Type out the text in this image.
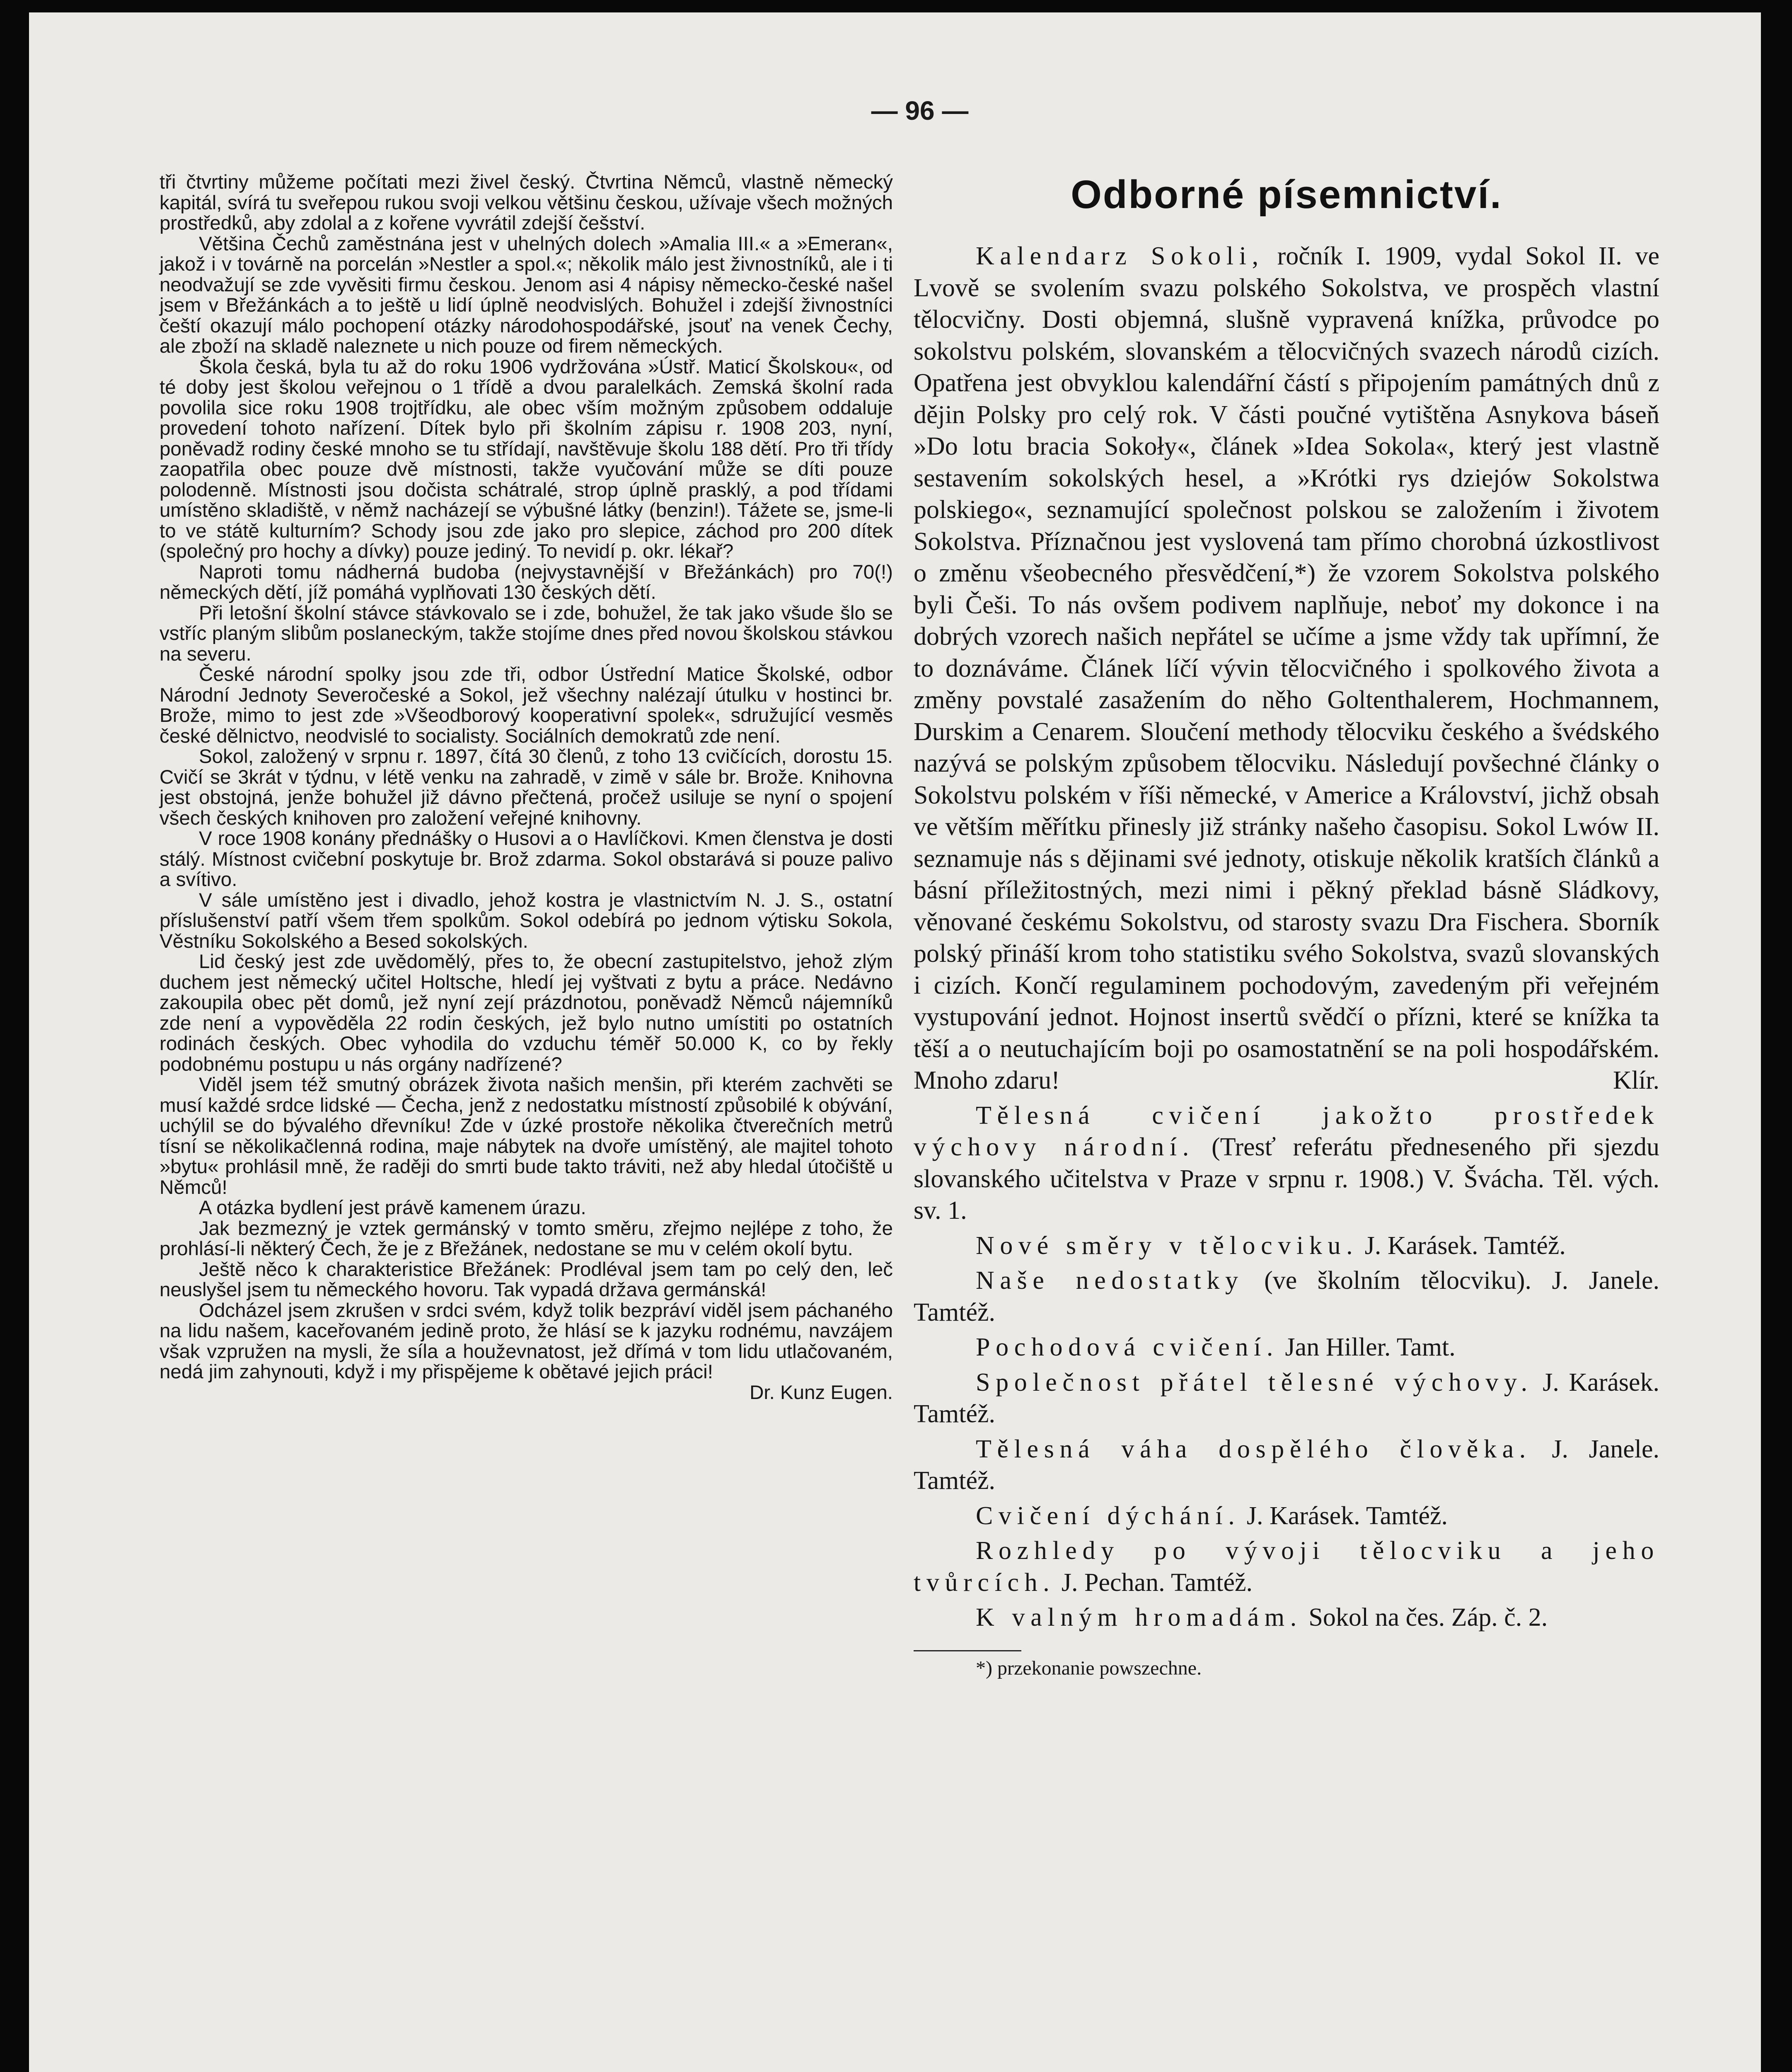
— 96 —

tři čtvrtiny můžeme počítati mezi živel český. Čtvrtina Němců, vlastně německý kapitál, svírá tu sveřepou rukou svoji velkou většinu českou, užívaje všech možných prostředků, aby zdolal a z kořene vyvrátil zdejší češství.

Většina Čechů zaměstnána jest v uhelných dolech »Amalia III.« a »Emeran«, jakož i v továrně na porcelán »Nestler a spol.«; několik málo jest živnostníků, ale i ti neodvažují se zde vyvěsiti firmu českou. Jenom asi 4 nápisy německo-české našel jsem v Břežánkách a to ještě u lidí úplně neodvislých. Bohužel i zdejší živnostníci čeští okazují málo pochopení otázky národohospodářské, jsouť na venek Čechy, ale zboží na skladě naleznete u nich pouze od firem německých.

Škola česká, byla tu až do roku 1906 vydržována »Ústř. Maticí Školskou«, od té doby jest školou veřejnou o 1 třídě a dvou paralelkách. Zemská školní rada povolila sice roku 1908 trojtřídku, ale obec vším možným způsobem oddaluje provedení tohoto nařízení. Dítek bylo při školním zápisu r. 1908 203, nyní, poněvadž rodiny české mnoho se tu střídají, navštěvuje školu 188 dětí. Pro tři třídy zaopatřila obec pouze dvě místnosti, takže vyučování může se díti pouze polodenně. Místnosti jsou dočista schátralé, strop úplně prasklý, a pod třídami umístěno skladiště, v němž nacházejí se výbušné látky (benzin!). Tážete se, jsme-li to ve státě kulturním? Schody jsou zde jako pro slepice, záchod pro 200 dítek (společný pro hochy a dívky) pouze jediný. To nevidí p. okr. lékař?

Naproti tomu nádherná budoba (nejvystavnější v Břežánkách) pro 70(!) německých dětí, jíž pomáhá vyplňovati 130 českých dětí.

Při letošní školní stávce stávkovalo se i zde, bohužel, že tak jako všude šlo se vstříc planým slibům poslaneckým, takže stojíme dnes před novou školskou stávkou na severu.

České národní spolky jsou zde tři, odbor Ústřední Matice Školské, odbor Národní Jednoty Severočeské a Sokol, jež všechny nalézají útulku v hostinci br. Brože, mimo to jest zde »Všeodborový kooperativní spolek«, sdružující vesměs české dělnictvo, neodvislé to socialisty. Sociálních demokratů zde není.

Sokol, založený v srpnu r. 1897, čítá 30 členů, z toho 13 cvičících, dorostu 15. Cvičí se 3krát v týdnu, v létě venku na zahradě, v zimě v sále br. Brože. Knihovna jest obstojná, jenže bohužel již dávno přečtená, pročež usiluje se nyní o spojení všech českých knihoven pro založení veřejné knihovny.

V roce 1908 konány přednášky o Husovi a o Havlíčkovi. Kmen členstva je dosti stálý. Místnost cvičební poskytuje br. Brož zdarma. Sokol obstarává si pouze palivo a svítivo.

V sále umístěno jest i divadlo, jehož kostra je vlastnictvím N. J. S., ostatní příslušenství patří všem třem spolkům. Sokol odebírá po jednom výtisku Sokola, Věstníku Sokolského a Besed sokolských.

Lid český jest zde uvědomělý, přes to, že obecní zastupitelstvo, jehož zlým duchem jest německý učitel Holtsche, hledí jej vyštvati z bytu a práce. Nedávno zakoupila obec pět domů, jež nyní zejí prázdnotou, poněvadž Němců nájemníků zde není a vypověděla 22 rodin českých, jež bylo nutno umístiti po ostatních rodinách českých. Obec vyhodila do vzduchu téměř 50.000 K, co by řekly podobnému postupu u nás orgány nadřízené?

Viděl jsem též smutný obrázek života našich menšin, při kterém zachvěti se musí každé srdce lidské — Čecha, jenž z nedostatku místností způsobilé k obývání, uchýlil se do bývalého dřevníku! Zde v úzké prostoře několika čtverečních metrů tísní se několikačlenná rodina, maje nábytek na dvoře umístěný, ale majitel tohoto »bytu« prohlásil mně, že raději do smrti bude takto tráviti, než aby hledal útočiště u Němců!

A otázka bydlení jest právě kamenem úrazu.

Jak bezmezný je vztek germánský v tomto směru, zřejmo nejlépe z toho, že prohlásí-li některý Čech, že je z Břežánek, nedostane se mu v celém okolí bytu.

Ještě něco k charakteristice Břežánek: Prodléval jsem tam po celý den, leč neuslyšel jsem tu německého hovoru. Tak vypadá država germánská!

Odcházel jsem zkrušen v srdci svém, když tolik bezpráví viděl jsem páchaného na lidu našem, kaceřovaném jedině proto, že hlásí se k jazyku rodnému, navzájem však vzpružen na mysli, že síla a houževnatost, jež dřímá v tom lidu utlačovaném, nedá jim zahynouti, když i my přispějeme k obětavé jejich práci!
Dr. Kunz Eugen.

Odborné písemnictví.

Kalendarz Sokoli, ročník I. 1909, vydal Sokol II. ve Lvově se svolením svazu polského Sokolstva, ve prospěch vlastní tělocvičny. Dosti objemná, slušně vypravená knížka, průvodce po sokolstvu polském, slovanském a tělocvičných svazech národů cizích. Opatřena jest obvyklou kalendářní částí s připojením památných dnů z dějin Polsky pro celý rok. V části poučné vytištěna Asnykova báseň »Do lotu bracia Sokoły«, článek »Idea Sokola«, který jest vlastně sestavením sokolských hesel, a »Krótki rys dziejów Sokolstwa polskiego«, seznamující společnost polskou se založením i životem Sokolstva. Příznačnou jest vyslovená tam přímo chorobná úzkostlivost o změnu všeobecného přesvědčení,*) že vzorem Sokolstva polského byli Češi. To nás ovšem podivem naplňuje, neboť my dokonce i na dobrých vzorech našich nepřátel se učíme a jsme vždy tak upřímní, že to doznáváme. Článek líčí vývin tělocvičného i spolkového života a změny povstalé zasažením do něho Goltenthalerem, Hochmannem, Durskim a Cenarem. Sloučení methody tělocviku českého a švédského nazývá se polským způsobem tělocviku. Následují povšechné články o Sokolstvu polském v říši německé, v Americe a Království, jichž obsah ve větším měřítku přinesly již stránky našeho časopisu. Sokol Lwów II. seznamuje nás s dějinami své jednoty, otiskuje několik kratších článků a básní příležitostných, mezi nimi i pěkný překlad básně Sládkovy, věnované českému Sokolstvu, od starosty svazu Dra Fischera. Sborník polský přináší krom toho statistiku svého Sokolstva, svazů slovanských i cizích. Končí regulaminem pochodovým, zavedeným při veřejném vystupování jednot. Hojnost insertů svědčí o přízni, které se knížka ta těší a o neutuchajícím boji po osamostatnění se na poli hospodářském. Mnoho zdaru!	Klír.

Tělesná cvičení jakožto prostředek výchovy národní. (Tresť referátu předneseného při sjezdu slovanského učitelstva v Praze v srpnu r. 1908.) V. Švácha. Těl. vých. sv. 1.

Nové směry v tělocviku. J. Karásek. Tamtéž.

Naše nedostatky (ve školním tělocviku). J. Janele. Tamtéž.

Pochodová cvičení. Jan Hiller. Tamt.

Společnost přátel tělesné výchovy. J. Karásek. Tamtéž.

Tělesná váha dospělého člověka. J. Janele. Tamtéž.

Cvičení dýchání. J. Karásek. Tamtéž.

Rozhledy po vývoji tělocviku a jeho tvůrcích. J. Pechan. Tamtéž.

K valným hromadám. Sokol na čes. Záp. č. 2.

*) przekonanie powszechne.
